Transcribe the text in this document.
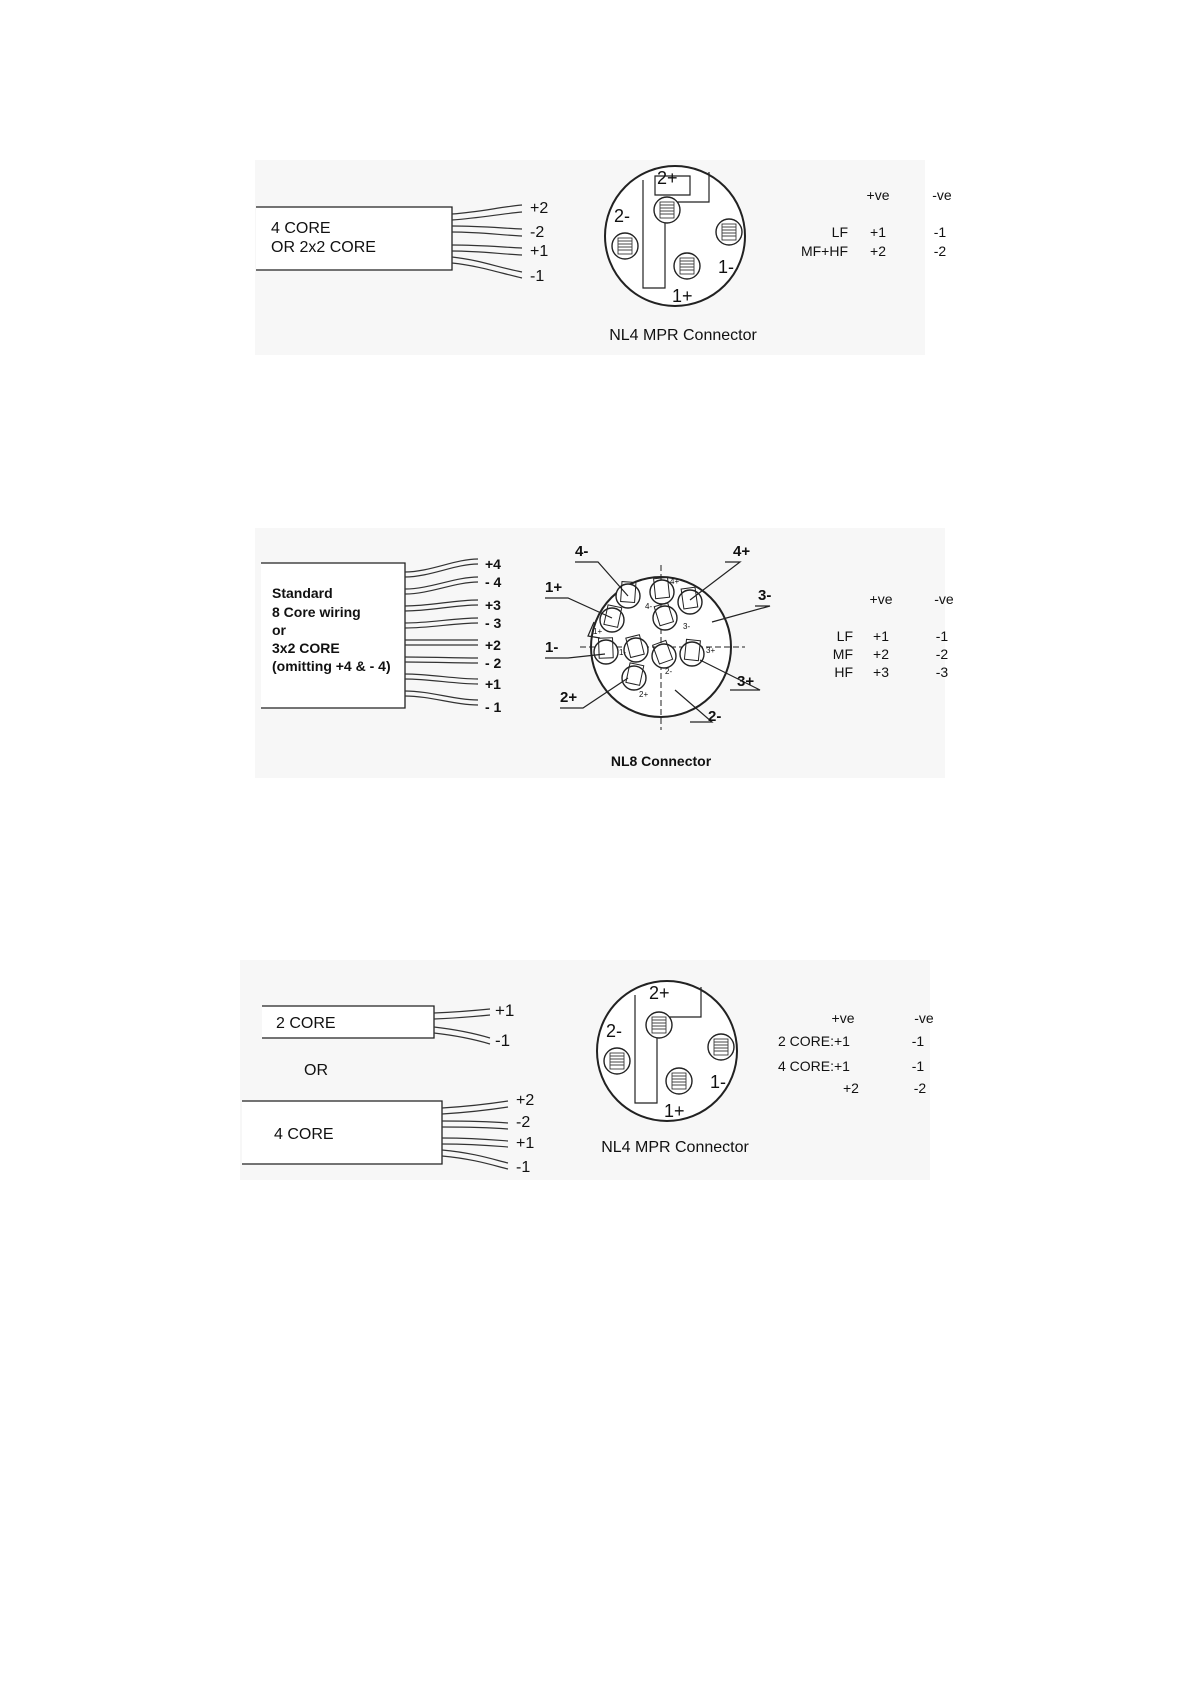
4 CORE
OR 2x2 CORE
+2
-2
+1
-1
2+
2-
1-
1+
NL4 MPR Connector
+ve	-ve
LF +1	-1
MF+HF +2	-2
Standard
8 Core wiring
or
3x2 CORE
(omitting +4 & - 4)
+4
- 4
+3
- 3
+2
- 2
+1
- 1
4+
4-
1+
3-
1-	3+
2-
2+
4-	4+
1+	3-
1-
3+
2+
2-
NL8 Connector
+ve	-ve
LF +1	-1
MF +2	-2
HF +3	-3
2 CORE
+1
-1
OR
4 CORE
+2
-2
+1
-1
2+
2-
1-
1+
NL4 MPR Connector
+ve	-ve
2 CORE: +1	-1
4 CORE: +1	-1
+2	-2
